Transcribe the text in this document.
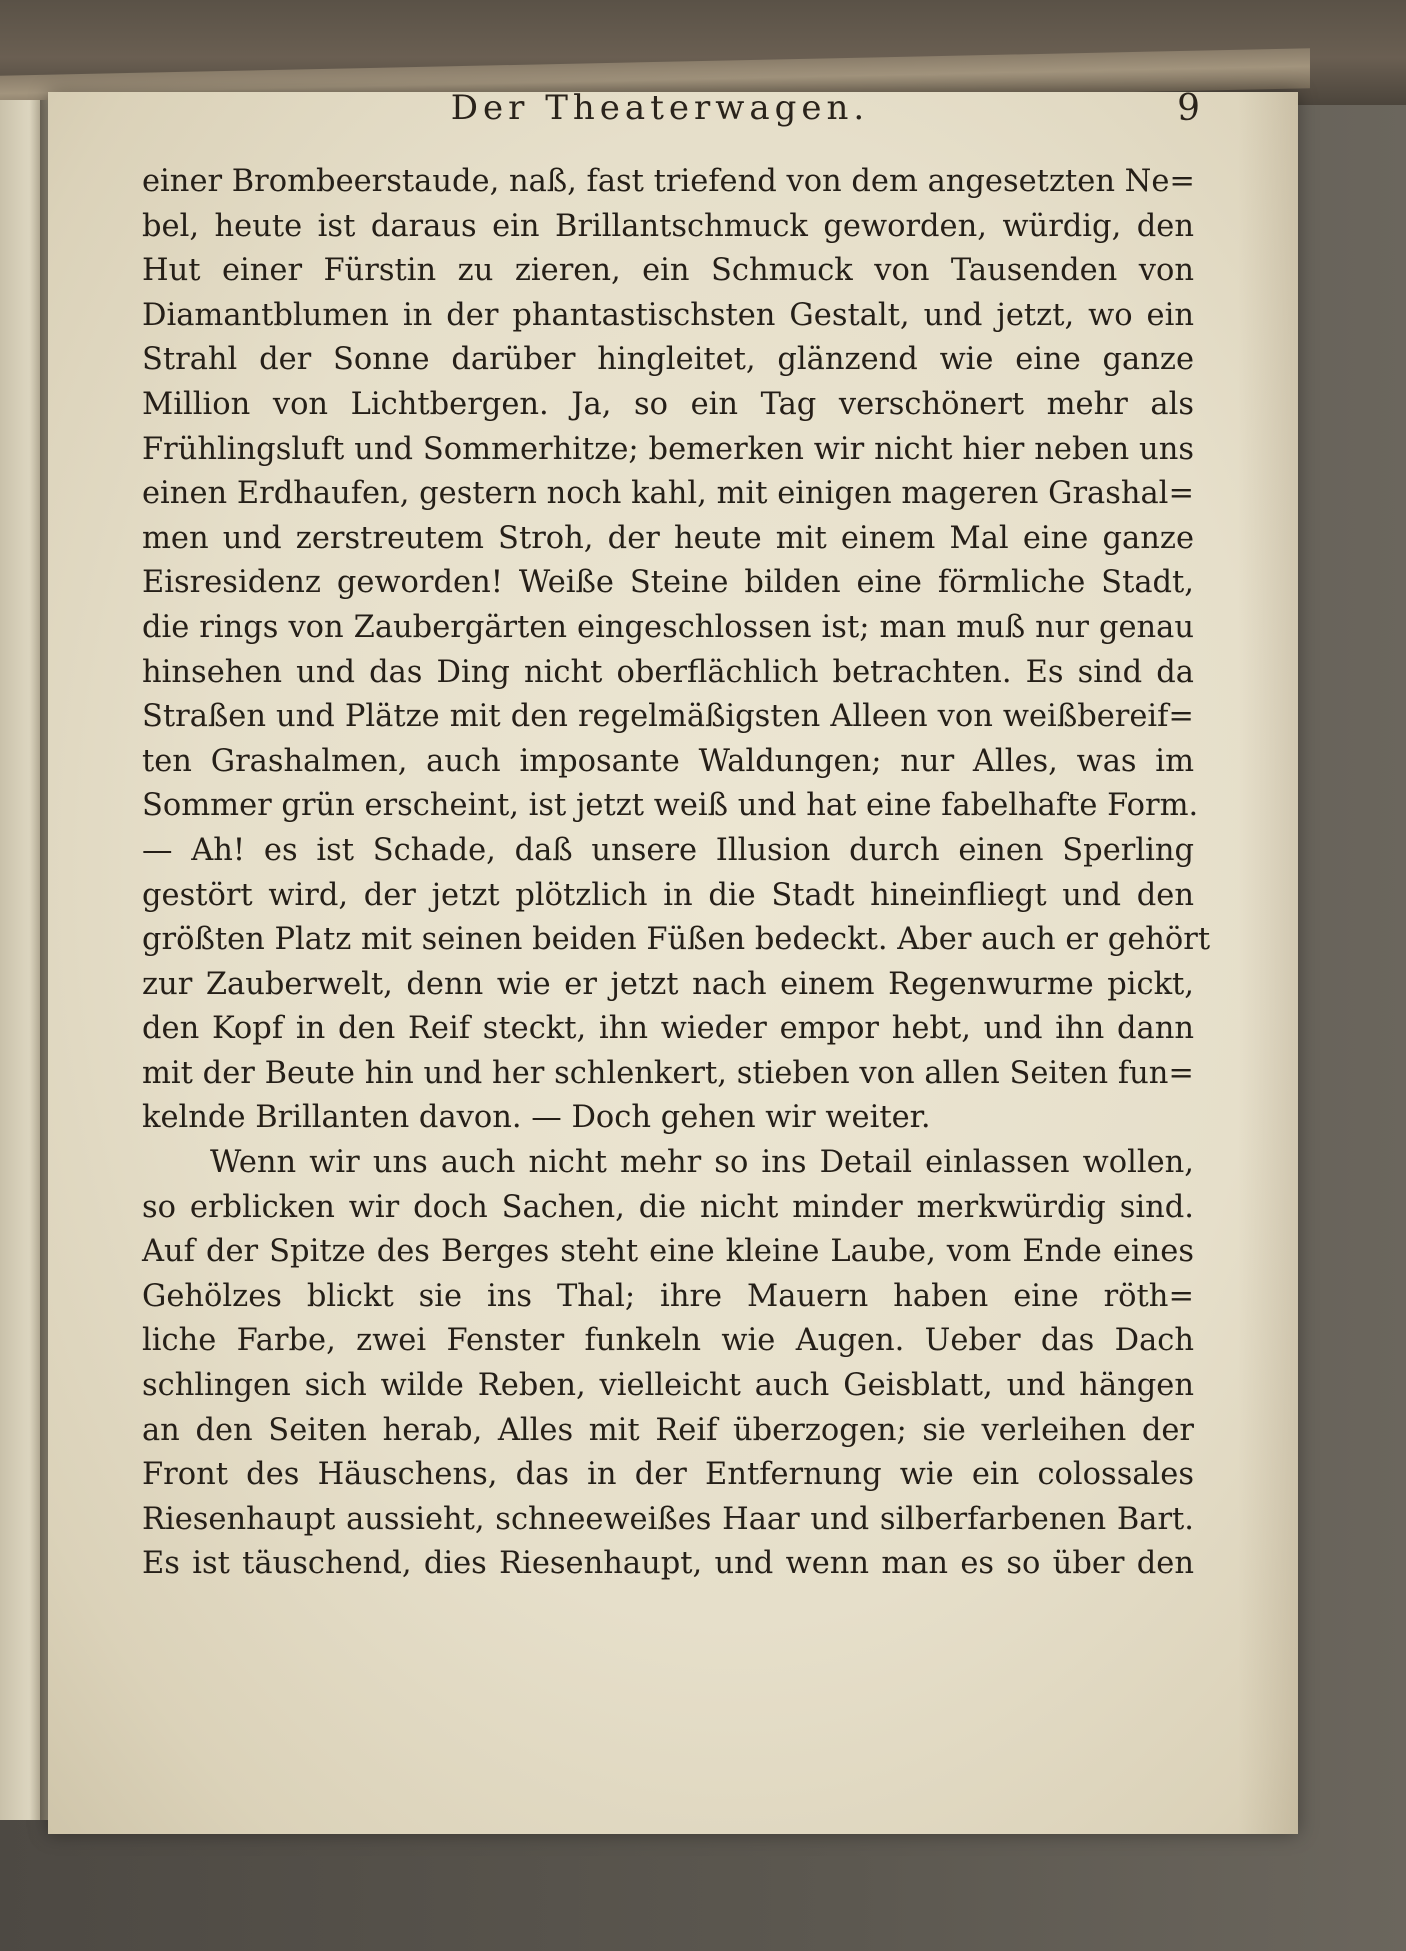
Der Theaterwagen.	9
einer Brombeerstaude, naß, fast triefend von dem angesetzten Ne=
bel, heute ist daraus ein Brillantschmuck geworden, würdig, den
Hut einer Fürstin zu zieren, ein Schmuck von Tausenden von
Diamantblumen in der phantastischsten Gestalt, und jetzt, wo ein
Strahl der Sonne darüber hingleitet, glänzend wie eine ganze
Million von Lichtbergen. Ja, so ein Tag verschönert mehr als
Frühlingsluft und Sommerhitze; bemerken wir nicht hier neben uns
einen Erdhaufen, gestern noch kahl, mit einigen mageren Grashal=
men und zerstreutem Stroh, der heute mit einem Mal eine ganze
Eisresidenz geworden! Weiße Steine bilden eine förmliche Stadt,
die rings von Zaubergärten eingeschlossen ist; man muß nur genau
hinsehen und das Ding nicht oberflächlich betrachten. Es sind da
Straßen und Plätze mit den regelmäßigsten Alleen von weißbereif=
ten Grashalmen, auch imposante Waldungen; nur Alles, was im
Sommer grün erscheint, ist jetzt weiß und hat eine fabelhafte Form.
— Ah! es ist Schade, daß unsere Illusion durch einen Sperling
gestört wird, der jetzt plötzlich in die Stadt hineinfliegt und den
größten Platz mit seinen beiden Füßen bedeckt. Aber auch er gehört
zur Zauberwelt, denn wie er jetzt nach einem Regenwurme pickt,
den Kopf in den Reif steckt, ihn wieder empor hebt, und ihn dann
mit der Beute hin und her schlenkert, stieben von allen Seiten fun=
kelnde Brillanten davon. — Doch gehen wir weiter.
Wenn wir uns auch nicht mehr so ins Detail einlassen wollen,
so erblicken wir doch Sachen, die nicht minder merkwürdig sind.
Auf der Spitze des Berges steht eine kleine Laube, vom Ende eines
Gehölzes blickt sie ins Thal; ihre Mauern haben eine röth=
liche Farbe, zwei Fenster funkeln wie Augen. Ueber das Dach
schlingen sich wilde Reben, vielleicht auch Geisblatt, und hängen
an den Seiten herab, Alles mit Reif überzogen; sie verleihen der
Front des Häuschens, das in der Entfernung wie ein colossales
Riesenhaupt aussieht, schneeweißes Haar und silberfarbenen Bart.
Es ist täuschend, dies Riesenhaupt, und wenn man es so über den
